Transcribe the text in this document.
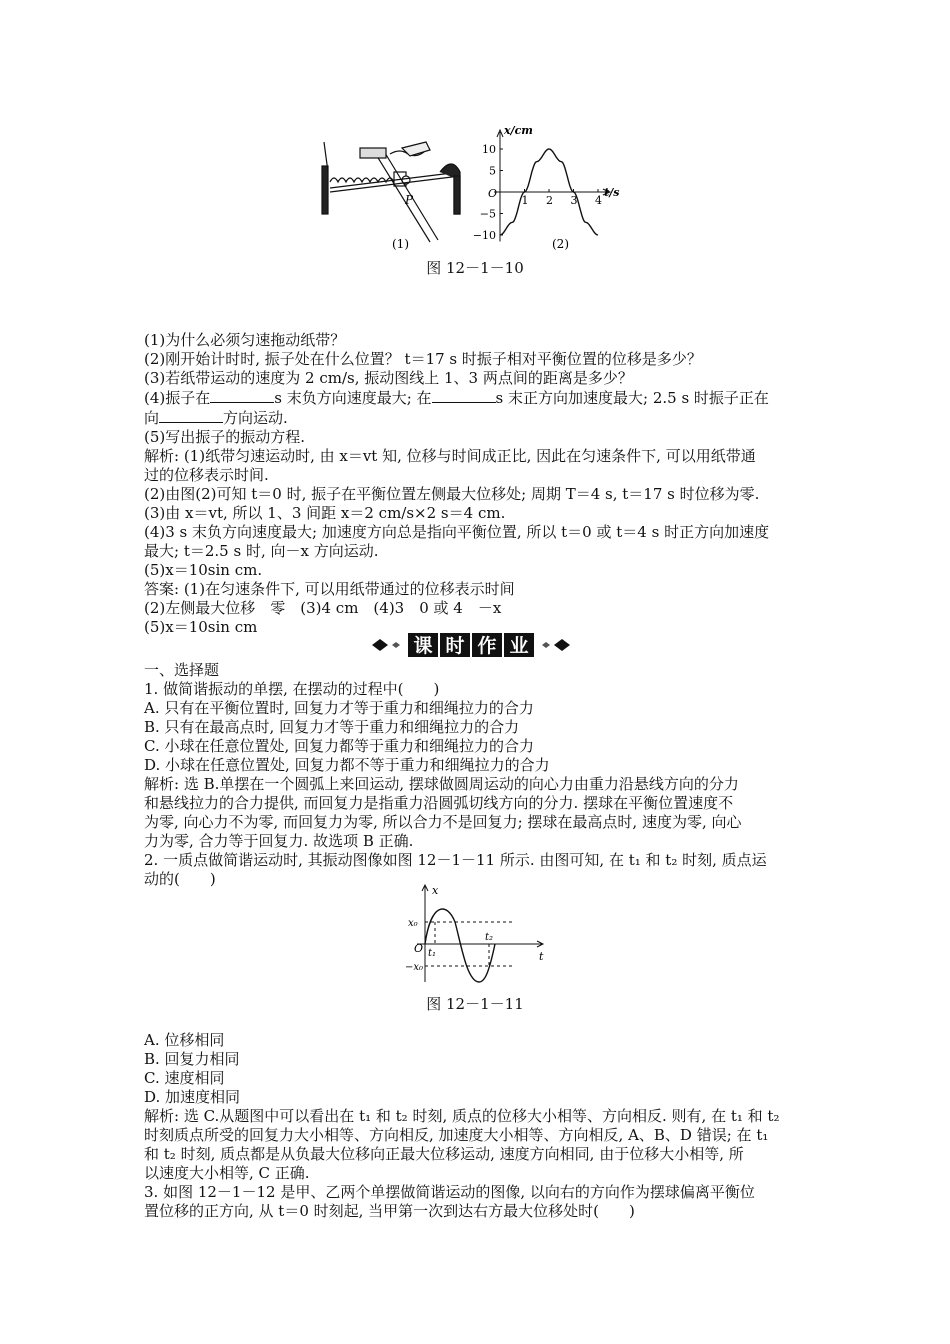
P
(1)
x/cm
t/s
O
1 2 3 4
10
5
−5
−10
(2)
图 12－1－10

(1)为什么必须匀速拖动纸带？

(2)刚开始计时时, 振子处在什么位置？ t＝17 s 时振子相对平衡位置的位移是多少？

(3)若纸带运动的速度为 2 cm/s, 振动图线上 1、3 两点间的距离是多少？

(4)振子在	s 末负方向速度最大; 在	s 末正方向加速度最大; 2.5 s 时振子正在

向	方向运动.

(5)写出振子的振动方程.

解析: (1)纸带匀速运动时, 由 x＝vt 知, 位移与时间成正比, 因此在匀速条件下, 可以用纸带通

过的位移表示时间.

(2)由图(2)可知 t＝0 时, 振子在平衡位置左侧最大位移处; 周期 T＝4 s, t＝17 s 时位移为零.

(3)由 x＝vt, 所以 1、3 间距 x＝2 cm/s×2 s＝4 cm.

(4)3 s 末负方向速度最大; 加速度方向总是指向平衡位置, 所以 t＝0 或 t＝4 s 时正方向加速度

最大; t＝2.5 s 时, 向－x 方向运动.

(5)x＝10sin cm.

答案: (1)在匀速条件下, 可以用纸带通过的位移表示时间

(2)左侧最大位移　零　(3)4 cm　(4)3　0 或 4　－x

(5)x＝10sin cm

课 时 作 业

一、选择题

1. 做简谐振动的单摆, 在摆动的过程中(　　)

A. 只有在平衡位置时, 回复力才等于重力和细绳拉力的合力

B. 只有在最高点时, 回复力才等于重力和细绳拉力的合力

C. 小球在任意位置处, 回复力都等于重力和细绳拉力的合力

D. 小球在任意位置处, 回复力都不等于重力和细绳拉力的合力

解析: 选 B.单摆在一个圆弧上来回运动, 摆球做圆周运动的向心力由重力沿悬线方向的分力

和悬线拉力的合力提供, 而回复力是指重力沿圆弧切线方向的分力. 摆球在平衡位置速度不

为零, 向心力不为零, 而回复力为零, 所以合力不是回复力; 摆球在最高点时, 速度为零, 向心

力为零, 合力等于回复力. 故选项 B 正确.

2. 一质点做简谐运动时, 其振动图像如图 12－1－11 所示. 由图可知, 在 t₁ 和 t₂ 时刻, 质点运

动的(　　)

x
t
O
x₀
−x₀
t₁
t₂
图 12－1－11

A. 位移相同

B. 回复力相同

C. 速度相同

D. 加速度相同

解析: 选 C.从题图中可以看出在 t₁ 和 t₂ 时刻, 质点的位移大小相等、方向相反. 则有, 在 t₁ 和 t₂

时刻质点所受的回复力大小相等、方向相反, 加速度大小相等、方向相反, A、B、D 错误; 在 t₁

和 t₂ 时刻, 质点都是从负最大位移向正最大位移运动, 速度方向相同, 由于位移大小相等, 所

以速度大小相等, C 正确.

3. 如图 12－1－12 是甲、乙两个单摆做简谐运动的图像, 以向右的方向作为摆球偏离平衡位

置位移的正方向, 从 t＝0 时刻起, 当甲第一次到达右方最大位移处时(　　)
